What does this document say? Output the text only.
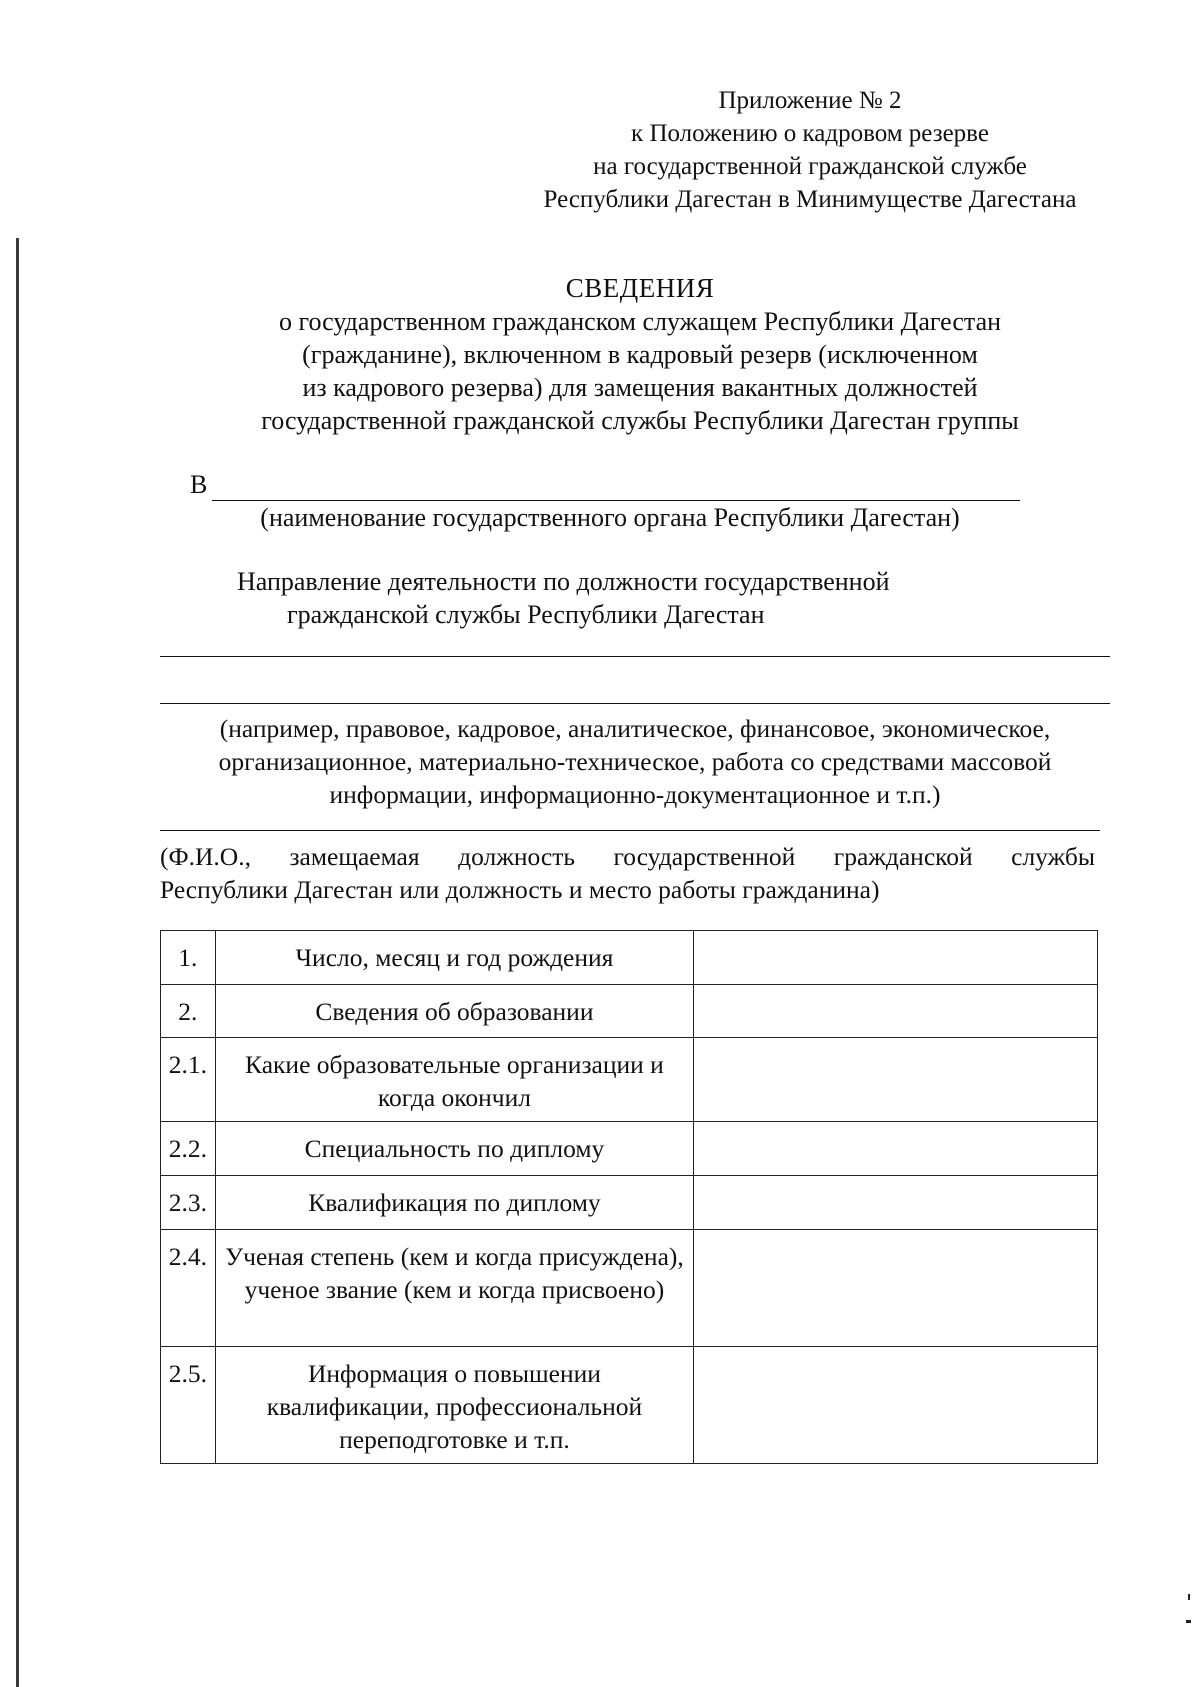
Приложение № 2
к Положению о кадровом резерве
на государственной гражданской службе
Республики Дагестан в Минимуществе Дагестана
СВЕДЕНИЯ
о государственном гражданском служащем Республики Дагестан
(гражданине), включенном в кадровый резерв (исключенном
из кадрового резерва) для замещения вакантных должностей
государственной гражданской службы Республики Дагестан группы
В
(наименование государственного органа Республики Дагестан)
Направление деятельности по должности государственной
гражданской службы Республики Дагестан
(например, правовое, кадровое, аналитическое, финансовое, экономическое,
организационное, материально-техническое, работа со средствами массовой
информации, информационно-документационное и т.п.)
(Ф.И.О., замещаемая должность государственной гражданской службы
Республики Дагестан или должность и место работы гражданина)
1.	Число, месяц и год рождения	
2.	Сведения об образовании	
2.1.	Какие образовательные организации и когда окончил	
2.2.	Специальность по диплому	
2.3.	Квалификация по диплому	
2.4.	Ученая степень (кем и когда присуждена), ученое звание (кем и когда присвоено)	
2.5.	Информация о повышении квалификации, профессиональной переподготовке и т.п.	
